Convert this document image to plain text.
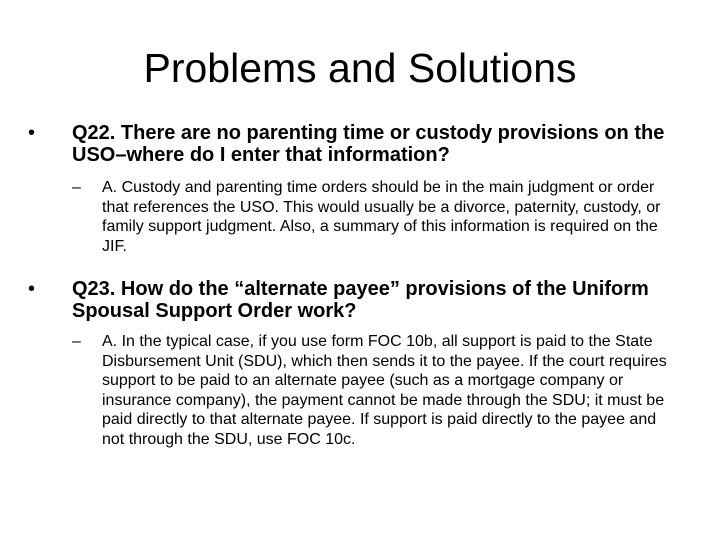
Problems and Solutions
•	Q22. There are no parenting time or custody provisions on the USO–where do I enter that information?
–	A. Custody and parenting time orders should be in the main judgment or order that references the USO. This would usually be a divorce, paternity, custody, or family support judgment. Also, a summary of this information is required on the JIF.
•	Q23. How do the “alternate payee” provisions of the Uniform Spousal Support Order work?
–	A. In the typical case, if you use form FOC 10b, all support is paid to the State Disbursement Unit (SDU), which then sends it to the payee. If the court requires support to be paid to an alternate payee (such as a mortgage company or insurance company), the payment cannot be made through the SDU; it must be paid directly to that alternate payee. If support is paid directly to the payee and not through the SDU, use FOC 10c.
